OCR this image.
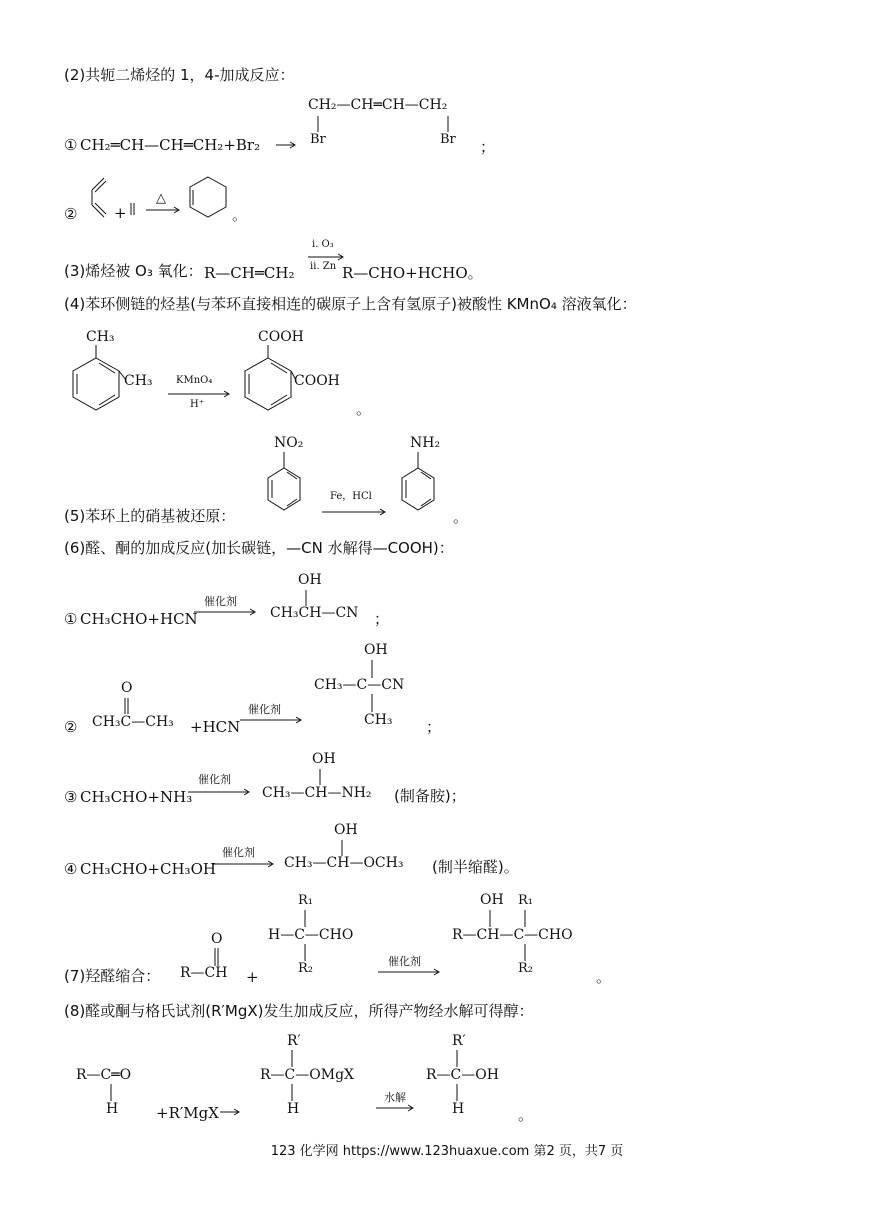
(2)共轭二烯烃的 1，4-加成反应：
CH₂—CH═CH—CH₂
Br	Br
① CH₂═CH—CH═CH₂+Br₂	；
② +
△
。
(3)烯烃被 O₃ 氧化： R—CH═CH₂
ⅰ. O₃
ⅱ. Zn R—CHO+HCHO。
(4)苯环侧链的烃基(与苯环直接相连的碳原子上含有氢原子)被酸性 KMnO₄ 溶液氧化：
CH₃
CH₃ KMnO₄
H⁺
COOH
COOH
。
NO₂	NH₂
Fe，HCl
(5)苯环上的硝基被还原：	。
(6)醛、酮的加成反应(加长碳链，—CN 水解得—COOH)：
OH
① CH₃CHO+HCN
催化剂
CH₃CH—CN ；
OH
O	CH₃—C—CN
CH₃C—CH₃	CH₃
②
催化剂
+HCN	；
OH
③ CH₃CHO+NH₃
催化剂
CH₃—CH—NH₂ (制备胺)；
OH
④ CH₃CHO+CH₃OH
催化剂
CH₃—CH—OCH₃ (制半缩醛)。
R₁	OH R₁
H—C—CHO	R—CH—C—CHO
O
催化剂
R₂	R₂
R—CH
(7)羟醛缩合：	+	。
(8)醛或酮与格氏试剂(R′MgX)发生加成反应，所得产物经水解可得醇：
R′	R′
R—C═O	R—C—OMgX	R—C—OH
水解
H	H	H
+R′MgX	。
123 化学网 https://www.123huaxue.com 第2 页，共7 页
